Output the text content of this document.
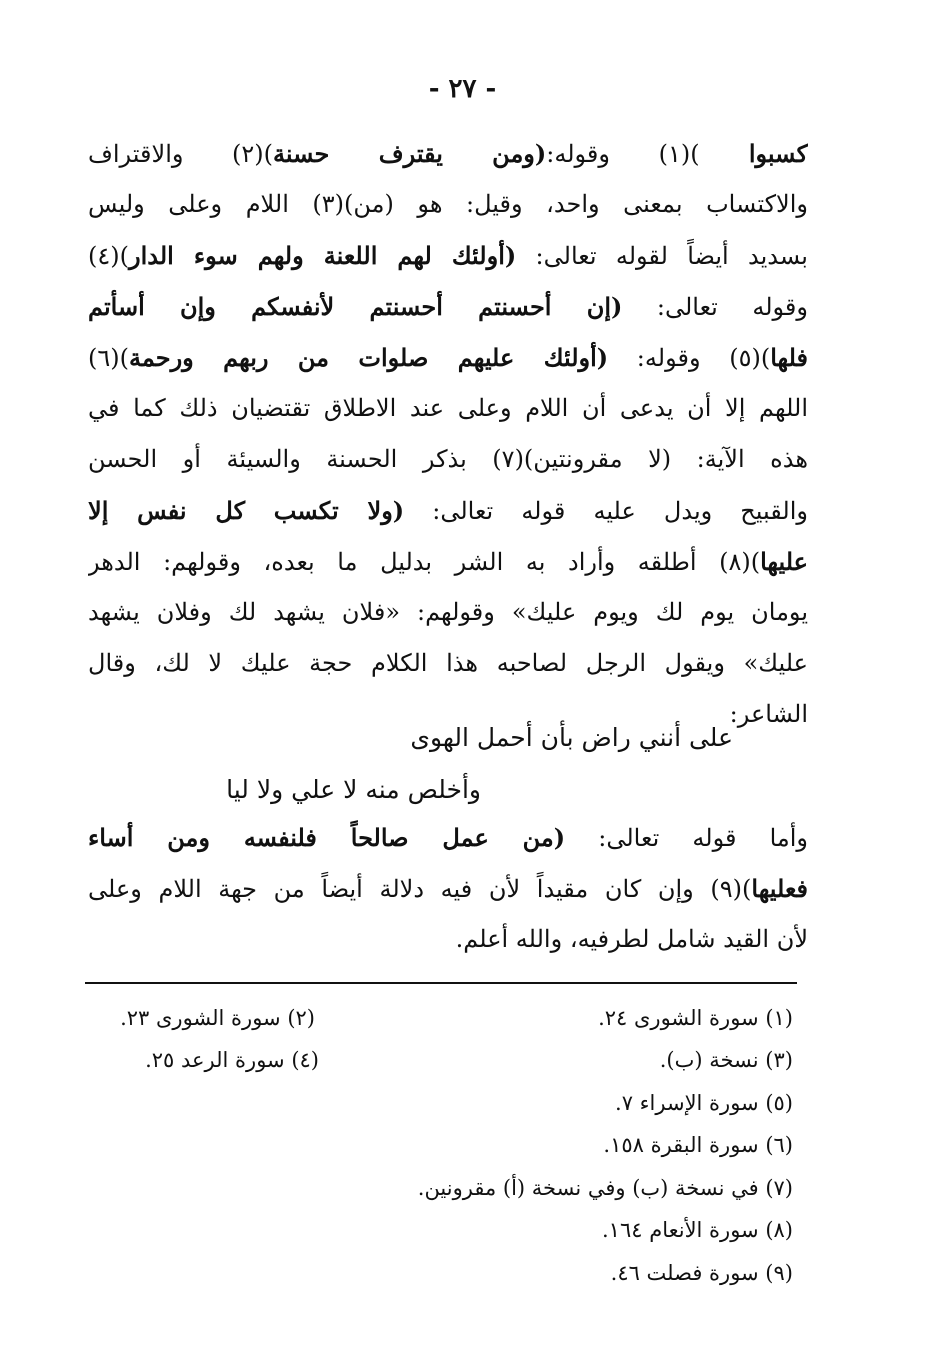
- ٢٧ -
كسبوا )(١) وقوله:(ومن يقترف حسنة)(٢) والاقتراف
والاكتساب بمعنى واحد، وقيل: هو (من)(٣) اللام وعلى وليس
بسديد أيضاً لقوله تعالى: (أولئك لهم اللعنة ولهم سوء الدار)(٤)
وقوله تعالى: (إن أحسنتم أحسنتم لأنفسكم وإن أسأتم
فلها)(٥) وقوله: (أولئك عليهم صلوات من ربهم ورحمة)(٦)
اللهم إلا أن يدعى أن اللام وعلى عند الاطلاق تقتضيان ذلك كما في
هذه الآية: (لا مقرونتين)(٧) بذكر الحسنة والسيئة أو الحسن
والقبيح ويدل عليه قوله تعالى: (ولا تكسب كل نفس إلا
عليها)(٨) أطلقه وأراد به الشر بدليل ما بعده، وقولهم: الدهر
يومان يوم لك ويوم عليك» وقولهم: «فلان يشهد لك وفلان يشهد
عليك» ويقول الرجل لصاحبه هذا الكلام حجة عليك لا لك، وقال
الشاعر:
على أنني راض بأن أحمل الهوى
وأخلص منه لا علي ولا ليا
وأما قوله تعالى: (من عمل صالحاً فلنفسه ومن أساء
فعليها)(٩) وإن كان مقيداً لأن فيه دلالة أيضاً من جهة اللام وعلى
لأن القيد شامل لطرفيه، والله أعلم.
(١) سورة الشورى ٢٤.
(٢) سورة الشورى ٢٣.
(٣) نسخة (ب).
(٤) سورة الرعد ٢٥.
(٥) سورة الإسراء ٧.
(٦) سورة البقرة ١٥٨.
(٧) في نسخة (ب) وفي نسخة (أ) مقرونين.
(٨) سورة الأنعام ١٦٤.
(٩) سورة فصلت ٤٦.
